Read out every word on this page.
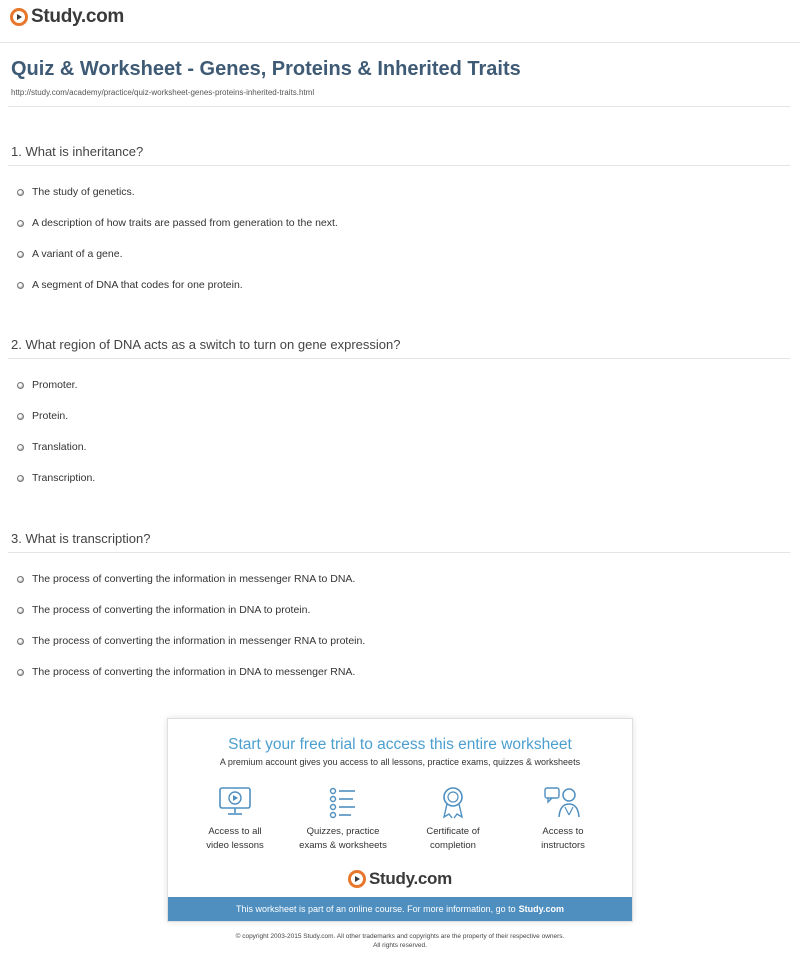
Study.com
Quiz & Worksheet - Genes, Proteins & Inherited Traits
http://study.com/academy/practice/quiz-worksheet-genes-proteins-inherited-traits.html
1. What is inheritance?
The study of genetics.
A description of how traits are passed from generation to the next.
A variant of a gene.
A segment of DNA that codes for one protein.
2. What region of DNA acts as a switch to turn on gene expression?
Promoter.
Protein.
Translation.
Transcription.
3. What is transcription?
The process of converting the information in messenger RNA to DNA.
The process of converting the information in DNA to protein.
The process of converting the information in messenger RNA to protein.
The process of converting the information in DNA to messenger RNA.
Start your free trial to access this entire worksheet
A premium account gives you access to all lessons, practice exams, quizzes & worksheets
Access to all
video lessons
Quizzes, practice
exams & worksheets
Certificate of
completion
Access to
instructors
Study.com
This worksheet is part of an online course. For more information, go to Study.com
© copyright 2003-2015 Study.com. All other trademarks and copyrights are the property of their respective owners.
All rights reserved.
